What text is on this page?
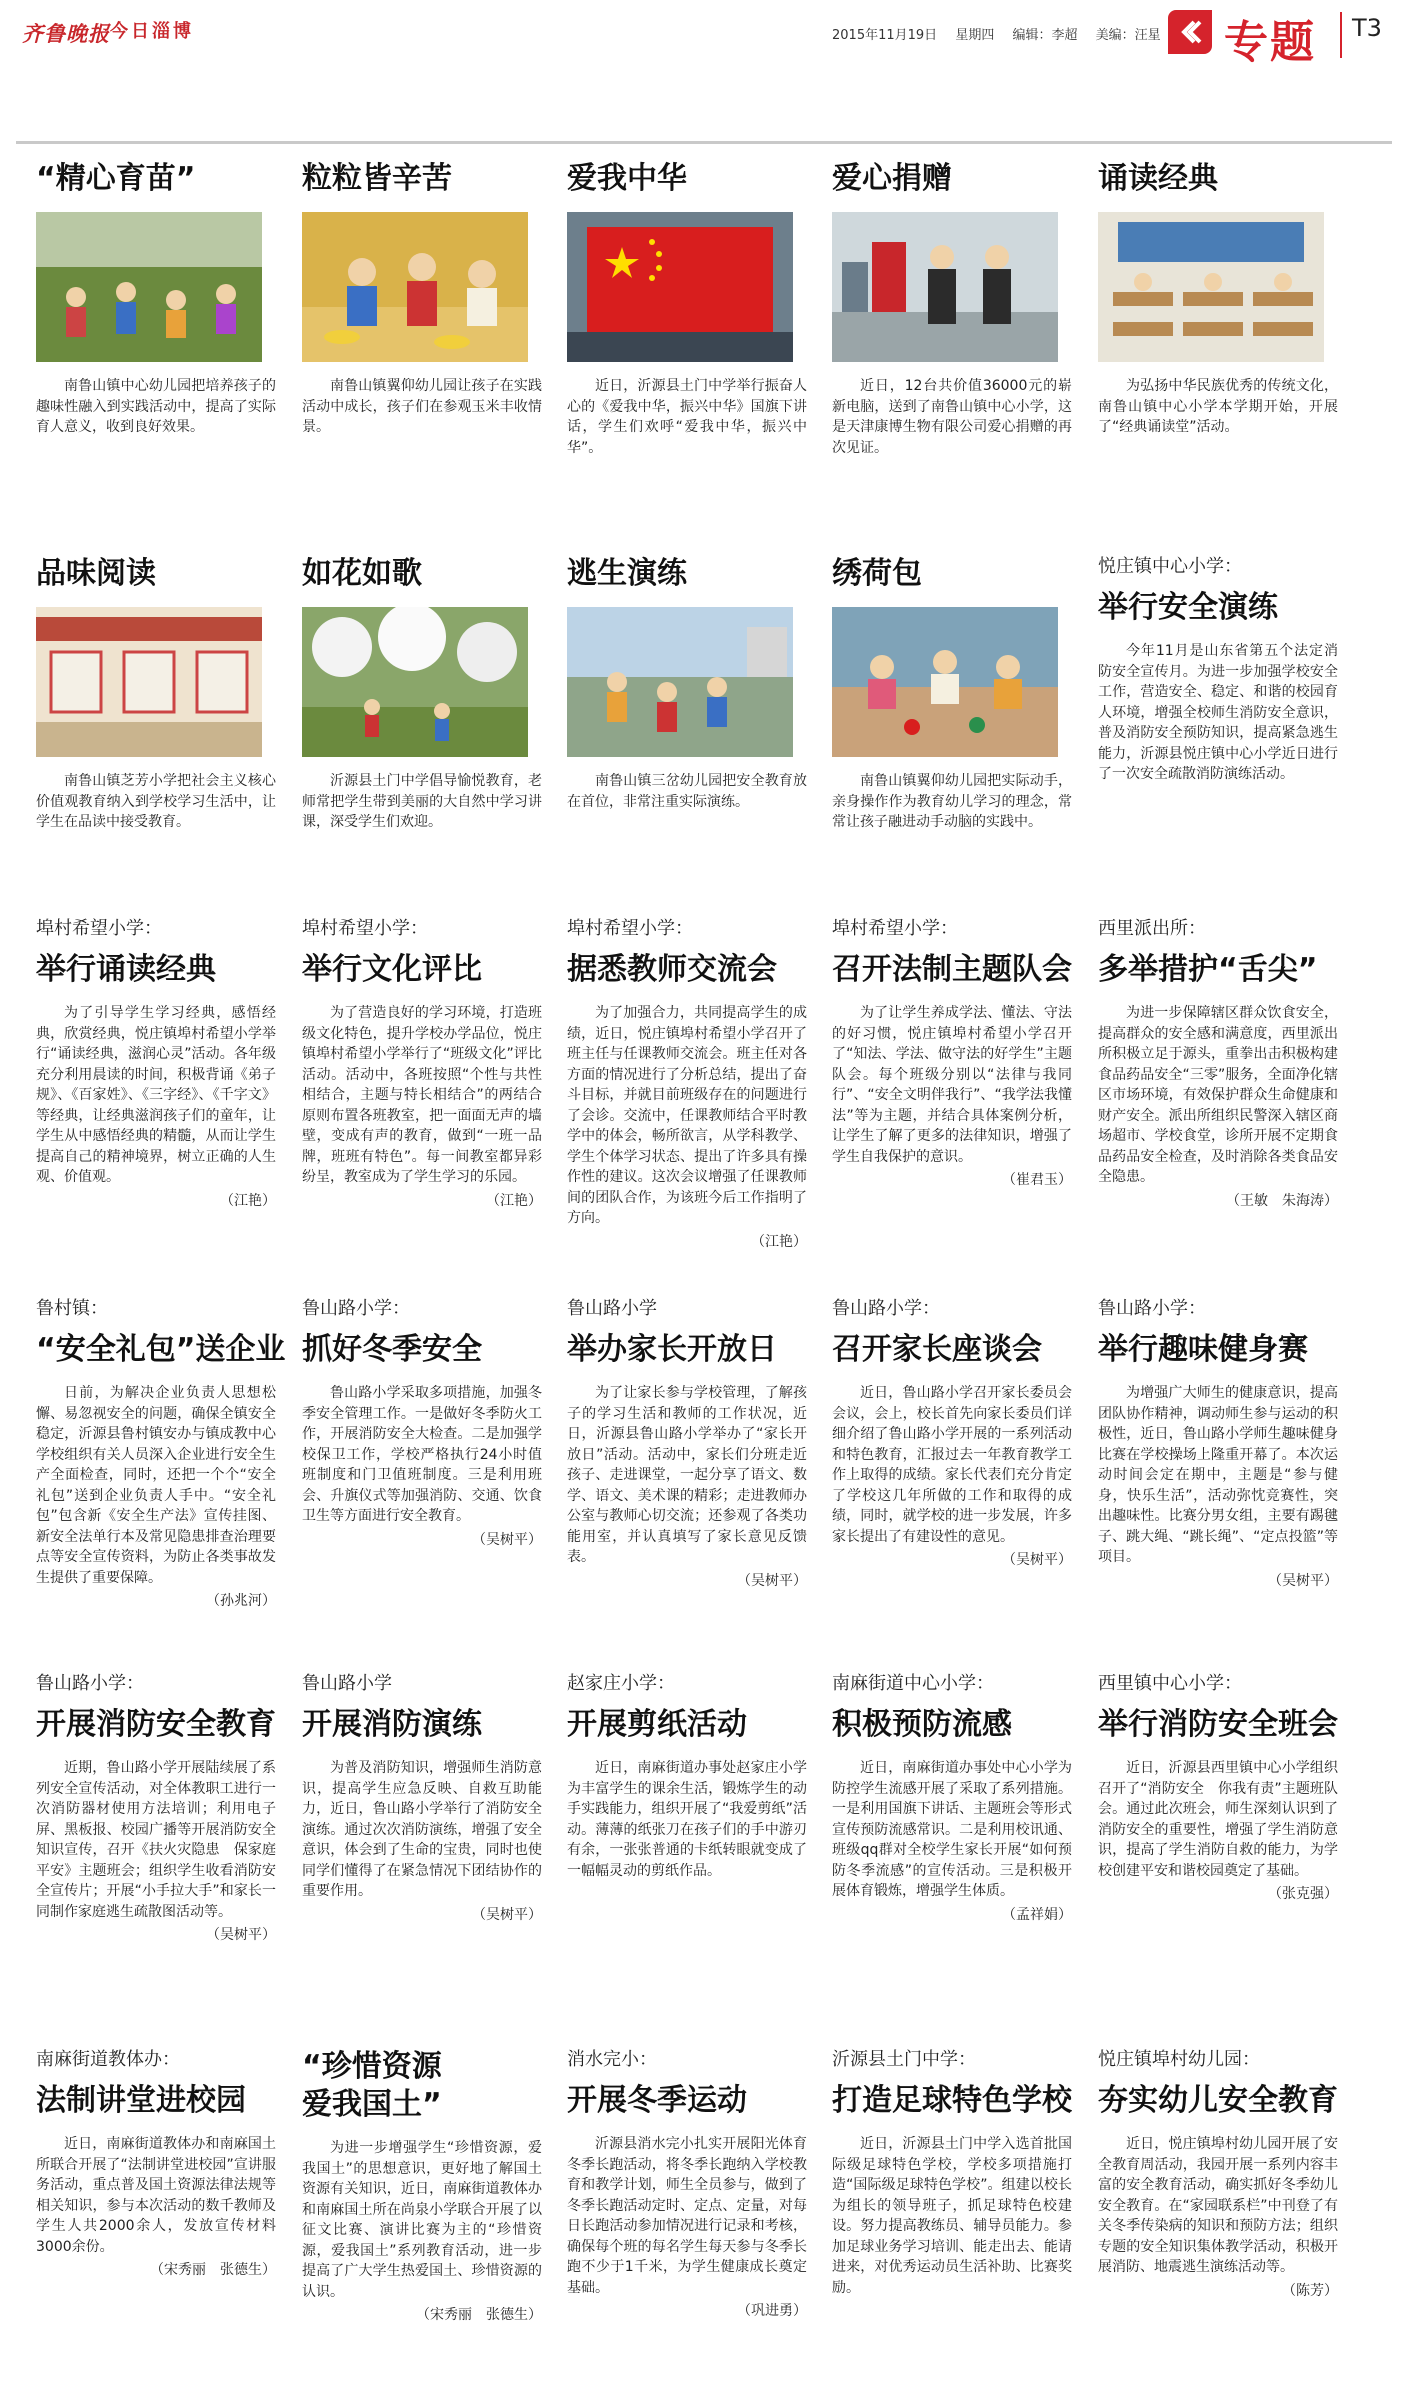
齐鲁晚报 今日淄博	2015年11月19日 星期四 编辑：李超 美编：汪星	专题 T3
“精心育苗”

南鲁山镇中心幼儿园把培养孩子的趣味性融入到实践活动中，提高了实际育人意义，收到良好效果。

粒粒皆辛苦

南鲁山镇翼仰幼儿园让孩子在实践活动中成长，孩子们在参观玉米丰收情景。

爱我中华

近日，沂源县土门中学举行振奋人心的《爱我中华，振兴中华》国旗下讲话，学生们欢呼“爱我中华，振兴中华”。

爱心捐赠

近日，12台共价值36000元的崭新电脑，送到了南鲁山镇中心小学，这是天津康博生物有限公司爱心捐赠的再次见证。

诵读经典

为弘扬中华民族优秀的传统文化，南鲁山镇中心小学本学期开始，开展了“经典诵读堂”活动。

品味阅读

南鲁山镇芝芳小学把社会主义核心价值观教育纳入到学校学习生活中，让学生在品读中接受教育。

如花如歌

沂源县土门中学倡导愉悦教育，老师常把学生带到美丽的大自然中学习讲课，深受学生们欢迎。

逃生演练

南鲁山镇三岔幼儿园把安全教育放在首位，非常注重实际演练。

绣荷包

南鲁山镇翼仰幼儿园把实际动手，亲身操作作为教育幼儿学习的理念，常常让孩子融进动手动脑的实践中。

悦庄镇中心小学：
举行安全演练

今年11月是山东省第五个法定消防安全宣传月。为进一步加强学校安全工作，营造安全、稳定、和谐的校园育人环境，增强全校师生消防安全意识，普及消防安全预防知识，提高紧急逃生能力，沂源县悦庄镇中心小学近日进行了一次安全疏散消防演练活动。

埠村希望小学：
举行诵读经典

为了引导学生学习经典，感悟经典，欣赏经典，悦庄镇埠村希望小学举行“诵读经典，滋润心灵”活动。各年级充分利用晨读的时间，积极背诵《弟子规》、《百家姓》、《三字经》、《千字文》等经典，让经典滋润孩子们的童年，让学生从中感悟经典的精髓，从而让学生提高自己的精神境界，树立正确的人生观、价值观。

（江艳）
埠村希望小学：
举行文化评比

为了营造良好的学习环境，打造班级文化特色，提升学校办学品位，悦庄镇埠村希望小学举行了“班级文化”评比活动。活动中，各班按照“个性与共性相结合，主题与特长相结合”的两结合原则布置各班教室，把一面面无声的墙壁，变成有声的教育，做到“一班一品牌，班班有特色”。每一间教室都异彩纷呈，教室成为了学生学习的乐园。

（江艳）
埠村希望小学：
据悉教师交流会

为了加强合力，共同提高学生的成绩，近日，悦庄镇埠村希望小学召开了班主任与任课教师交流会。班主任对各方面的情况进行了分析总结，提出了奋斗目标，并就目前班级存在的问题进行了会诊。交流中，任课教师结合平时教学中的体会，畅所欲言，从学科教学、学生个体学习状态、提出了许多具有操作性的建议。这次会议增强了任课教师间的团队合作，为该班今后工作指明了方向。

（江艳）
埠村希望小学：
召开法制主题队会

为了让学生养成学法、懂法、守法的好习惯，悦庄镇埠村希望小学召开了“知法、学法、做守法的好学生”主题队会。每个班级分别以“法律与我同行”、“安全文明伴我行”、“我学法我懂法”等为主题，并结合具体案例分析，让学生了解了更多的法律知识，增强了学生自我保护的意识。

（崔君玉）
西里派出所：
多举措护“舌尖”

为进一步保障辖区群众饮食安全，提高群众的安全感和满意度，西里派出所积极立足于源头，重拳出击积极构建食品药品安全“三零”服务，全面净化辖区市场环境，有效保护群众生命健康和财产安全。派出所组织民警深入辖区商场超市、学校食堂，诊所开展不定期食品药品安全检查，及时消除各类食品安全隐患。

（王敏　朱海涛）
鲁村镇：
“安全礼包”送企业

日前，为解决企业负责人思想松懈、易忽视安全的问题，确保全镇安全稳定，沂源县鲁村镇安办与镇成教中心学校组织有关人员深入企业进行安全生产全面检查，同时，还把一个个“安全礼包”送到企业负责人手中。“安全礼包”包含新《安全生产法》宣传挂图、新安全法单行本及常见隐患排查治理要点等安全宣传资料，为防止各类事故发生提供了重要保障。

（孙兆河）
鲁山路小学：
抓好冬季安全

鲁山路小学采取多项措施，加强冬季安全管理工作。一是做好冬季防火工作，开展消防安全大检查。二是加强学校保卫工作，学校严格执行24小时值班制度和门卫值班制度。三是利用班会、升旗仪式等加强消防、交通、饮食卫生等方面进行安全教育。

（吴树平）
鲁山路小学
举办家长开放日

为了让家长参与学校管理，了解孩子的学习生活和教师的工作状况，近日，沂源县鲁山路小学举办了“家长开放日”活动。活动中，家长们分班走近孩子、走进课堂，一起分享了语文、数学、语文、美术课的精彩；走进教师办公室与教师心切交流；还参观了各类功能用室，并认真填写了家长意见反馈表。

（吴树平）
鲁山路小学：
召开家长座谈会

近日，鲁山路小学召开家长委员会会议，会上，校长首先向家长委员们详细介绍了鲁山路小学开展的一系列活动和特色教育，汇报过去一年教育教学工作上取得的成绩。家长代表们充分肯定了学校这几年所做的工作和取得的成绩，同时，就学校的进一步发展，许多家长提出了有建设性的意见。

（吴树平）
鲁山路小学：
举行趣味健身赛

为增强广大师生的健康意识，提高团队协作精神，调动师生参与运动的积极性，近日，鲁山路小学师生趣味健身比赛在学校操场上隆重开幕了。本次运动时间会定在期中，主题是“参与健身，快乐生活”，活动弥忱竞赛性，突出趣味性。比赛分男女组，主要有踢毽子、跳大绳、“跳长绳”、“定点投篮”等项目。

（吴树平）
鲁山路小学：
开展消防安全教育

近期，鲁山路小学开展陆续展了系列安全宣传活动，对全体教职工进行一次消防器材使用方法培训；利用电子屏、黑板报、校园广播等开展消防安全知识宣传，召开《扶火灾隐患　保家庭平安》主题班会；组织学生收看消防安全宣传片；开展“小手拉大手”和家长一同制作家庭逃生疏散图活动等。

（吴树平）
鲁山路小学
开展消防演练

为普及消防知识，增强师生消防意识，提高学生应急反映、自救互助能力，近日，鲁山路小学举行了消防安全演练。通过次次消防演练，增强了安全意识，体会到了生命的宝贵，同时也使同学们懂得了在紧急情况下团结协作的重要作用。

（吴树平）
赵家庄小学：
开展剪纸活动

近日，南麻街道办事处赵家庄小学为丰富学生的课余生活，锻炼学生的动手实践能力，组织开展了“我爱剪纸”活动。薄薄的纸张刀在孩子们的手中游刃有余，一张张普通的卡纸转眼就变成了一幅幅灵动的剪纸作品。

南麻街道中心小学：
积极预防流感

近日，南麻街道办事处中心小学为防控学生流感开展了采取了系列措施。一是利用国旗下讲话、主题班会等形式宣传预防流感常识。二是利用校讯通、班级qq群对全校学生家长开展“如何预防冬季流感”的宣传活动。三是积极开展体育锻炼，增强学生体质。

（孟祥娟）
西里镇中心小学：
举行消防安全班会

近日，沂源县西里镇中心小学组织召开了“消防安全　你我有责”主题班队会。通过此次班会，师生深刻认识到了消防安全的重要性，增强了学生消防意识，提高了学生消防自救的能力，为学校创建平安和谐校园奠定了基础。

（张克强）
南麻街道教体办：
法制讲堂进校园

近日，南麻街道教体办和南麻国土所联合开展了“法制讲堂进校园”宣讲服务活动，重点普及国土资源法律法规等相关知识，参与本次活动的数千教师及学生人共2000余人，发放宣传材料3000余份。

（宋秀丽　张德生）
“珍惜资源
爱我国土”

为进一步增强学生“珍惜资源，爱我国土”的思想意识，更好地了解国土资源有关知识，近日，南麻街道教体办和南麻国土所在尚泉小学联合开展了以征文比赛、演讲比赛为主的“珍惜资源，爱我国土”系列教育活动，进一步提高了广大学生热爱国土、珍惜资源的认识。

（宋秀丽　张德生）
消水完小：
开展冬季运动

沂源县消水完小扎实开展阳光体育冬季长跑活动，将冬季长跑纳入学校教育和教学计划，师生全员参与，做到了冬季长跑活动定时、定点、定量，对每日长跑活动参加情况进行记录和考核，确保每个班的每名学生每天参与冬季长跑不少于1千米，为学生健康成长奠定基础。

（巩进勇）
沂源县土门中学：
打造足球特色学校

近日，沂源县土门中学入选首批国际级足球特色学校，学校多项措施打造“国际级足球特色学校”。组建以校长为组长的领导班子，抓足球特色校建设。努力提高教练员、辅导员能力。参加足球业务学习培训、能走出去、能请进来，对优秀运动员生活补助、比赛奖励。

悦庄镇埠村幼儿园：
夯实幼儿安全教育

近日，悦庄镇埠村幼儿园开展了安全教育周活动，我园开展一系列内容丰富的安全教育活动，确实抓好冬季幼儿安全教育。在“家园联系栏”中刊登了有关冬季传染病的知识和预防方法；组织专题的安全知识集体教学活动，积极开展消防、地震逃生演练活动等。

（陈芳）
